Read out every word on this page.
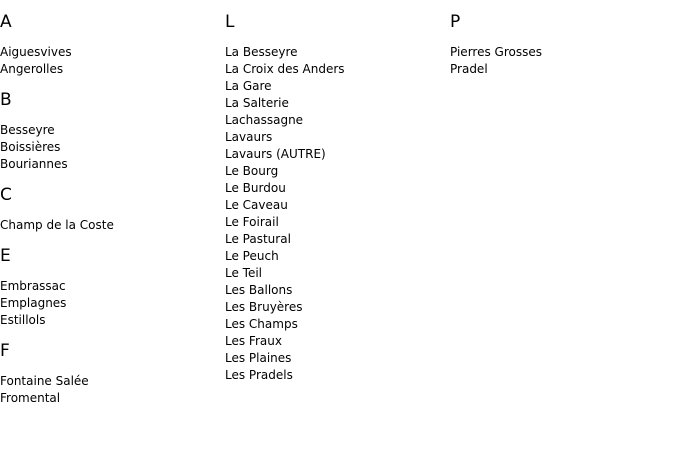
A
Aiguesvives
Angerolles
B
Besseyre
Boissières
Bouriannes
C
Champ de la Coste
E
Embrassac
Emplagnes
Estillols
F
Fontaine Salée
Fromental
L
La Besseyre
La Croix des Anders
La Gare
La Salterie
Lachassagne
Lavaurs
Lavaurs (AUTRE)
Le Bourg
Le Burdou
Le Caveau
Le Foirail
Le Pastural
Le Peuch
Le Teil
Les Ballons
Les Bruyères
Les Champs
Les Fraux
Les Plaines
Les Pradels
P
Pierres Grosses
Pradel
